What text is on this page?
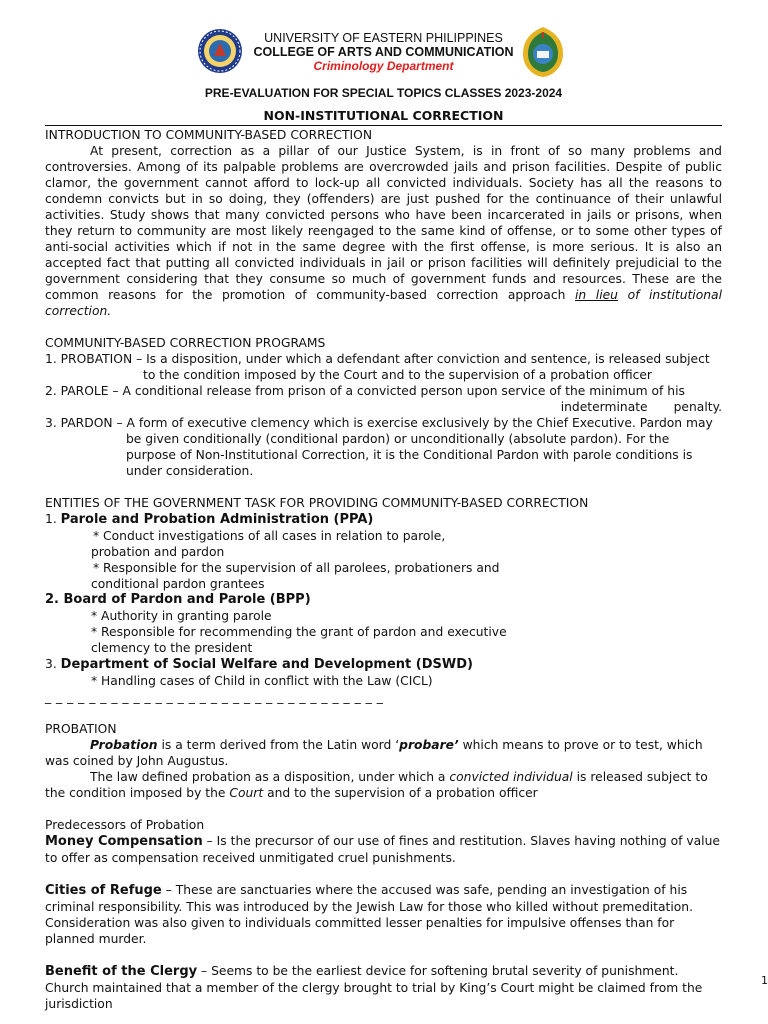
UNIVERSITY OF EASTERN PHILIPPINES
COLLEGE OF ARTS AND COMMUNICATION
Criminology Department
PRE-EVALUATION FOR SPECIAL TOPICS CLASSES 2023-2024
NON-INSTITUTIONAL CORRECTION

INTRODUCTION TO COMMUNITY-BASED CORRECTION

At present, correction as a pillar of our Justice System, is in front of so many problems and controversies. Among of its palpable problems are overcrowded jails and prison facilities. Despite of public clamor, the government cannot afford to lock-up all convicted individuals. Society has all the reasons to condemn convicts but in so doing, they (offenders) are just pushed for the continuance of their unlawful activities. Study shows that many convicted persons who have been incarcerated in jails or prisons, when they return to community are most likely reengaged to the same kind of offense, or to some other types of anti-social activities which if not in the same degree with the first offense, is more serious. It is also an accepted fact that putting all convicted individuals in jail or prison facilities will definitely prejudicial to the government considering that they consume so much of government funds and resources. These are the common reasons for the promotion of community-based correction approach in lieu of institutional correction.

COMMUNITY-BASED CORRECTION PROGRAMS

1. PROBATION – Is a disposition, under which a defendant after conviction and sentence, is released subject

to the condition imposed by the Court and to the supervision of a probation officer

2. PAROLE – A conditional release from prison of a convicted person upon service of the minimum of his

indeterminate penalty.

3. PARDON – A form of executive clemency which is exercise exclusively by the Chief Executive. Pardon may

be given conditionally (conditional pardon) or unconditionally (absolute pardon). For the

purpose of Non-Institutional Correction, it is the Conditional Pardon with parole conditions is

under consideration.

ENTITIES OF THE GOVERNMENT TASK FOR PROVIDING COMMUNITY-BASED CORRECTION

1. Parole and Probation Administration (PPA)

* Conduct investigations of all cases in relation to parole,

probation and pardon

* Responsible for the supervision of all parolees, probationers and

conditional pardon grantees

2. Board of Pardon and Parole (BPP)

* Authority in granting parole

* Responsible for recommending the grant of pardon and executive

clemency to the president

3. Department of Social Welfare and Development (DSWD)

* Handling cases of Child in conflict with the Law (CICL)

_ _ _ _ _ _ _ _ _ _ _ _ _ _ _ _ _ _ _ _ _ _ _ _ _ _ _ _ _ _ _

PROBATION

Probation is a term derived from the Latin word ‘probare’ which means to prove or to test, which was coined by John Augustus.

The law defined probation as a disposition, under which a convicted individual is released subject to the condition imposed by the Court and to the supervision of a probation officer

Predecessors of Probation

Money Compensation – Is the precursor of our use of fines and restitution. Slaves having nothing of value to offer as compensation received unmitigated cruel punishments.

Cities of Refuge – These are sanctuaries where the accused was safe, pending an investigation of his criminal responsibility. This was introduced by the Jewish Law for those who killed without premeditation. Consideration was also given to individuals committed lesser penalties for impulsive offenses than for planned murder.

Benefit of the Clergy – Seems to be the earliest device for softening brutal severity of punishment. Church maintained that a member of the clergy brought to trial by King’s Court might be claimed from the jurisdiction

1
